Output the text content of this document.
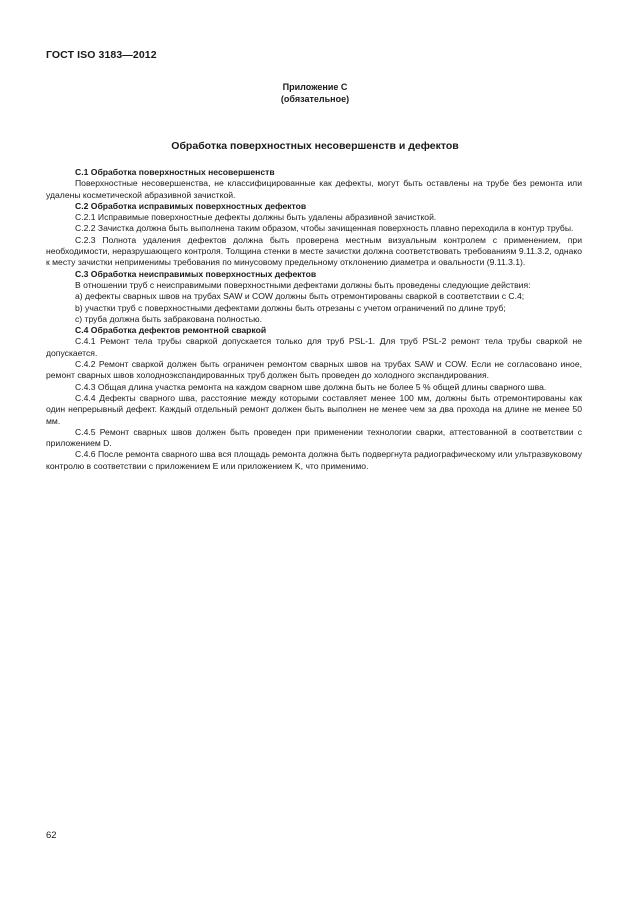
ГОСТ ISO 3183—2012
Приложение С
(обязательное)
Обработка поверхностных несовершенств и дефектов

С.1 Обработка поверхностных несовершенств

Поверхностные несовершенства, не классифицированные как дефекты, могут быть оставлены на трубе без ремонта или удалены косметической абразивной зачисткой.

С.2 Обработка исправимых поверхностных дефектов

С.2.1 Исправимые поверхностные дефекты должны быть удалены абразивной зачисткой.

С.2.2 Зачистка должна быть выполнена таким образом, чтобы зачищенная поверхность плавно переходила в контур трубы.

С.2.3 Полнота удаления дефектов должна быть проверена местным визуальным контролем с применением, при необходимости, неразрушающего контроля. Толщина стенки в месте зачистки должна соответствовать требованиям 9.11.3.2, однако к месту зачистки неприменимы требования по минусовому предельному отклонению диаметра и овальности (9.11.3.1).

С.3 Обработка неисправимых поверхностных дефектов

В отношении труб с неисправимыми поверхностными дефектами должны быть проведены следующие действия:

a) дефекты сварных швов на трубах SAW и COW должны быть отремонтированы сваркой в соответствии с С.4;

b) участки труб с поверхностными дефектами должны быть отрезаны с учетом ограничений по длине труб;

c) труба должна быть забракована полностью.

С.4 Обработка дефектов ремонтной сваркой

С.4.1 Ремонт тела трубы сваркой допускается только для труб PSL-1. Для труб PSL-2 ремонт тела трубы сваркой не допускается.

С.4.2 Ремонт сваркой должен быть ограничен ремонтом сварных швов на трубах SAW и COW. Если не согласовано иное, ремонт сварных швов холодноэкспандированных труб должен быть проведен до холодного экспандирования.

С.4.3 Общая длина участка ремонта на каждом сварном шве должна быть не более 5 % общей длины сварного шва.

С.4.4 Дефекты сварного шва, расстояние между которыми составляет менее 100 мм, должны быть отремонтированы как один непрерывный дефект. Каждый отдельный ремонт должен быть выполнен не менее чем за два прохода на длине не менее 50 мм.

С.4.5 Ремонт сварных швов должен быть проведен при применении технологии сварки, аттестованной в соответствии с приложением D.

С.4.6 После ремонта сварного шва вся площадь ремонта должна быть подвергнута радиографическому или ультразвуковому контролю в соответствии с приложением Е или приложением K, что применимо.

62
